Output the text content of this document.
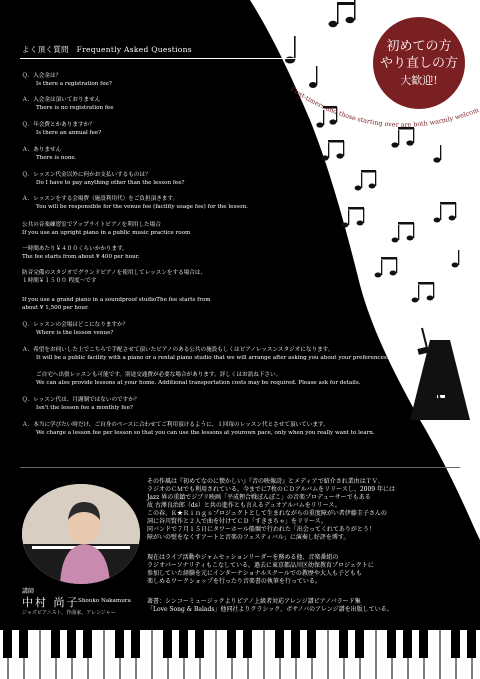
First-timers and those starting over are both warmly welcom
初めての方
やり直しの方
大歓迎!
よく頂く質問　Frequently Asked Questions
Ｑ．入会金は？
Is there a registration fee?
Ａ．入会金は頂いておりません
There is no registration fee
Ｑ．年会費とかありますか？
Is there an annual fee?
Ａ．ありません
There is none.
Ｑ．レッスン代金以外に何かお支払いするものは？
Do I have to pay anything other than the lesson fee?
Ａ．レッスンをする会場費（施設利用代）をご負担頂きます。
You will be responsible for the venue fee (facility usage fee) for the lesson.
公共の音楽練習室でアップライトピアノを利用した場合
If you use an upright piano in a public music practice room
一時間あたり￥４００くらいかかります。
The fee starts from about ¥ 400 per hour.
防音完備のスタジオでグランドピアノを使用してレッスンをする場合は、
１時間￥１５００ 程度〜です
If you use a grand piano in a soundproof studioThe fee starts from
about ¥ 1,500 per hour.
Ｑ．レッスンの会場はどこになりますか？
Where is the lesson venue?
Ａ．希望をお伺いした上でこちらで手配させて頂いたピアノのある公共の施設もしくはピアノレッスンスタジオになります。
It will be a public facility with a piano or a rental piano studio that we will arrange after asking you about your preferences.
ご自宅へ出張レッスンも可能です。別途交通費が必要な場合があります。詳しくはお訊ね下さい。
We can also provide lessons at your home. Additional transportation costs may be required. Please ask for details.
Ｑ．レッスン代は、月謝制ではないのですか？
Isn't the lesson fee a monthly fee?
Ａ．本当に学びたい時だけ、ご自身のペースに合わせてご利用頂けるように、１回毎のレッスン代とさせて頂いています。
We charge a lesson fee per lesson so that you can use the lessons at yourown pace, only when you really want to learn.
講師
中村 尚子
Shouko Nakamura
ジャズピアニスト、作曲家、アレンジャー
その作風は『初めてなのに懐かしい』『音の映像詩』とメディアで紹介され業由はＴＶ、
ラジオのＣＭでも利用されている。今までに7枚のＣＤアルバムをリリースし、2009 年には
Jazz 界の重鎮でジブリ映画「平成狸合戦ぽんぽこ」の音楽プロデューサーでもある
故 古澤良治郎（ds）と共の進作とも言えるデュオアルバムをリリース。
この春、Ｋ★Ｒｉｎｇｓプロジェクトとして生まれながらの重度障がい者伊藤圭子さんの
詞に谷川賢作と２人で曲を付けてＣＤ「すきまちゃ」をリリース。
同バンドで７月１５日にタワーホール船堀で行われた「出会ってくれてありがとう！
障がいの壁をなくすアートと音楽のフェスティバル」に演奏し好評を博す。
現在はライブ活動やジャムセッションリーダーを務める他、音楽番組の
ラジオパーソナリティもこなしている。過去に東京都品川区幼保教育プロジェクトに
参加していた経験を元にインターナショナルスクールでの教歴や大人も子どもも
楽しめるワークショップを行ったり音楽書の執筆を行っている。
著書：シンコーミュージックよりピアノ上級者対応アレンジ譜ピアノバラード集
「Love Song & Balads」他同社よりクラシック、ボサノバのアレンジ譜を出版している。
